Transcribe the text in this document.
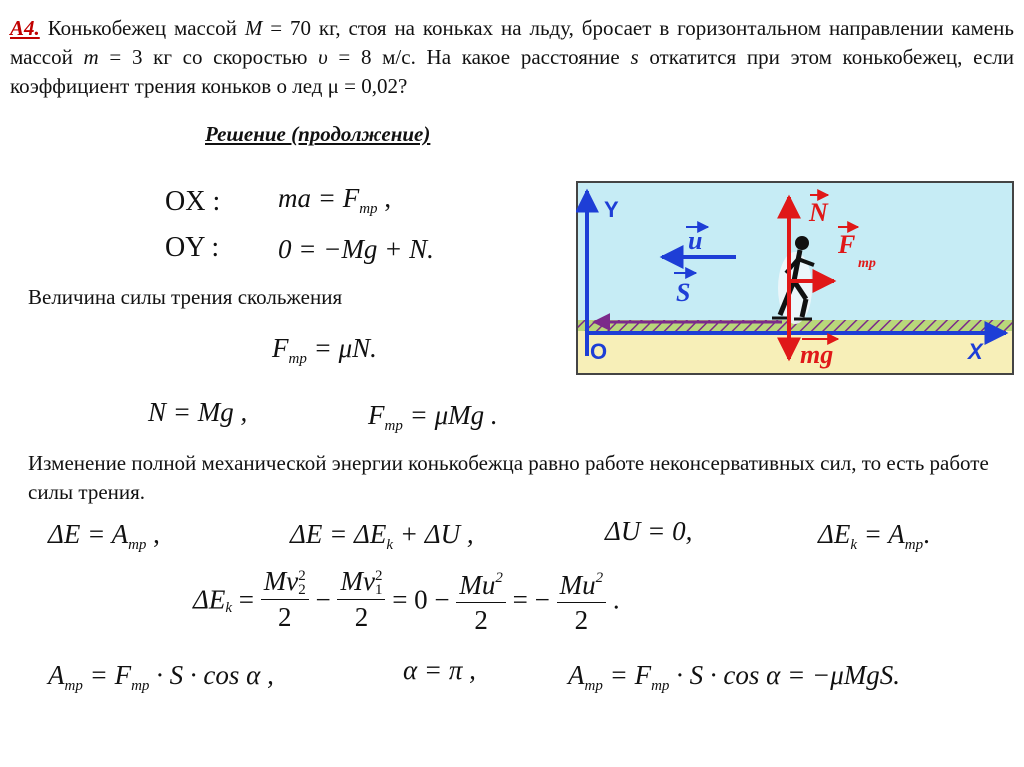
А4. Конькобежец массой M = 70 кг, стоя на коньках на льду, бросает в горизонтальном направлении камень массой m = 3 кг со скоростью υ = 8 м/с. На какое расстояние s откатится при этом конькобежец, если коэффициент трения коньков о лед μ = 0,02?
Решение (продолжение)
OX :
OY :
ma = $F_{тр}$ ,
0 = −Mg + N.
Величина силы трения скольжения
$F_{тр} = \mu N$.
N = Mg ,	$F_{тр} = \mu Mg$ .
Изменение полной механической энергии конькобежца равно работе неконсервативных сил, то есть работе силы трения.
$\Delta E = A_{тр}$ ,	$\Delta E = \Delta E_k + \Delta U$ ,	ΔU = 0,	$\Delta E_k = A_{тр}$.
$\Delta E_k = Mv$ 2
2
2 − Mv 2
1
$2 = 0 - \frac{Mu^2}{2}$ = − $\frac{Mu^2}{2}$ .
$A_{тр} = F_{тр} \cdot S \cdot \cos \alpha$ ,	α = π ,	$A_{тр} = F_{тр} \cdot S \cdot \cos \alpha = -\mu MgS$.
Y
X
O
u
S
N
F
тр
mg
